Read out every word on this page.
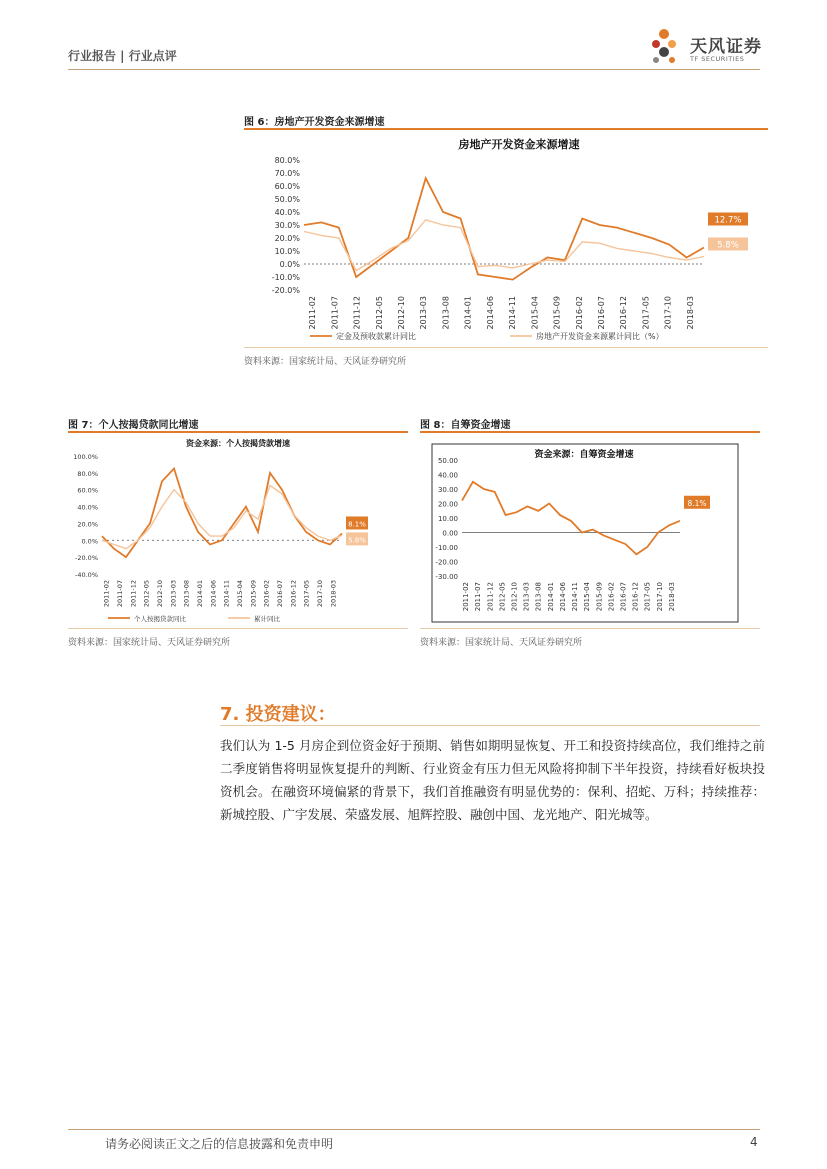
行业报告 | 行业点评	天风证券
TF SECURITIES
图 6：房地产开发资金来源增速
房地产开发资金来源增速
80.0%
70.0%
60.0%
50.0%
40.0%
30.0%
20.0%
10.0%
0.0%
-10.0%
-20.0%
2011-02 2011-07 2011-12 2012-05 2012-10 2013-03 2013-08 2014-01 2014-06 2014-11 2015-04 2015-09 2016-02 2016-07 2016-12 2017-05 2017-10 2018-03
12.7%
5.8%
定金及预收款累计同比	房地产开发资金来源累计同比（%）
资料来源：国家统计局、天风证券研究所
图 7：个人按揭贷款同比增速
资金来源：个人按揭贷款增速
100.0%
80.0%
60.0%
40.0%
20.0%
0.0%
-20.0%
-40.0%
2011-02 2011-07 2011-12 2012-05 2012-10 2013-03 2013-08 2014-01 2014-06 2014-11 2015-04 2015-09 2016-02 2016-07 2016-12 2017-05 2017-10 2018-03
8.1%
5.8%
个人按揭贷款同比	累计同比
资料来源：国家统计局、天风证券研究所
图 8：自筹资金增速
资金来源：自筹资金增速
50.00
40.00
30.00
20.00
10.00
0.00
-10.00
-20.00
-30.00
2011-02 2011-07 2011-12 2012-05 2012-10 2013-03 2013-08 2014-01 2014-06 2014-11 2015-04 2015-09 2016-02 2016-07 2016-12 2017-05 2017-10 2018-03
8.1%
资料来源：国家统计局、天风证券研究所
7. 投资建议：
我们认为 1-5 月房企到位资金好于预期、销售如期明显恢复、开工和投资持续高位，我们维持之前二季度销售将明显恢复提升的判断、行业资金有压力但无风险将抑制下半年投资，持续看好板块投资机会。在融资环境偏紧的背景下，我们首推融资有明显优势的：保利、招蛇、万科；持续推荐：新城控股、广宇发展、荣盛发展、旭辉控股、融创中国、龙光地产、阳光城等。
请务必阅读正文之后的信息披露和免责申明	4
